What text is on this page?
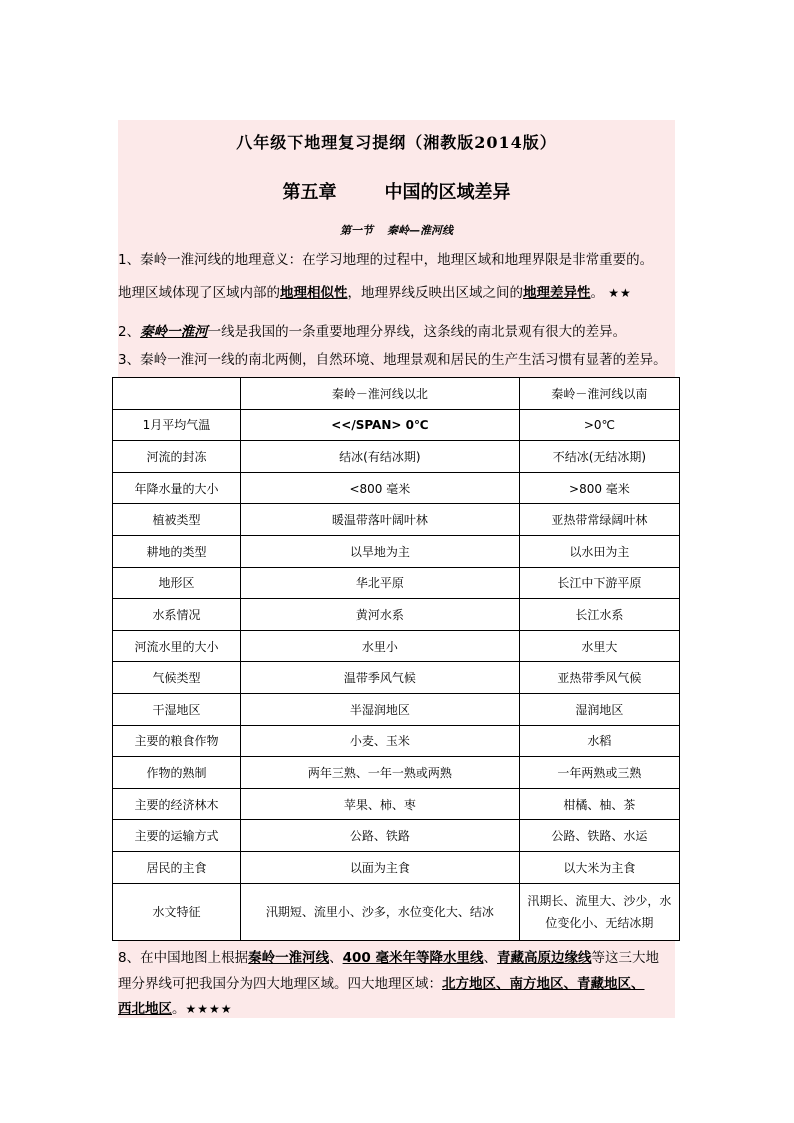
八年级下地理复习提纲（湘教版2014版）
第五章	中国的区域差异
第一节 秦岭—淮河线
1、秦岭一淮河线的地理意义：在学习地理的过程中，地理区域和地理界限是非常重要的。
地理区域体现了区域内部的地理相似性，地理界线反映出区域之间的地理差异性。 ★★
2、秦岭一淮河一线是我国的一条重要地理分界线，这条线的南北景观有很大的差异。
3、秦岭一淮河一线的南北两侧，自然环境、地理景观和居民的生产生活习惯有显著的差异。
	秦岭－淮河线以北	秦岭－淮河线以南
1月平均气温	<</SPAN> 0℃	>0℃
河流的封冻	结冰(有结冰期)	不结冰(无结冰期)
年降水量的大小	<800 毫米	>800 毫米
植被类型	暖温带落叶阔叶林	亚热带常绿阔叶林
耕地的类型	以旱地为主	以水田为主
地形区	华北平原	长江中下游平原
水系情况	黄河水系	长江水系
河流水里的大小	水里小	水里大
气候类型	温带季风气候	亚热带季风气候
干湿地区	半湿润地区	湿润地区
主要的粮食作物	小麦、玉米	水稻
作物的熟制	两年三熟、一年一熟或两熟	一年两熟或三熟
主要的经济林木	苹果、柿、枣	柑橘、柚、茶
主要的运输方式	公路、铁路	公路、铁路、水运
居民的主食	以面为主食	以大米为主食
水文特征	汛期短、流里小、沙多，水位变化大、结冰	汛期长、流里大、沙少，水
位变化小、无结冰期
8、在中国地图上根据秦岭一淮河线、400 毫米年等降水里线、青藏高原边缘线等这三大地
理分界线可把我国分为四大地理区域。四大地理区域：北方地区、南方地区、青藏地区、
西北地区。★★★★
